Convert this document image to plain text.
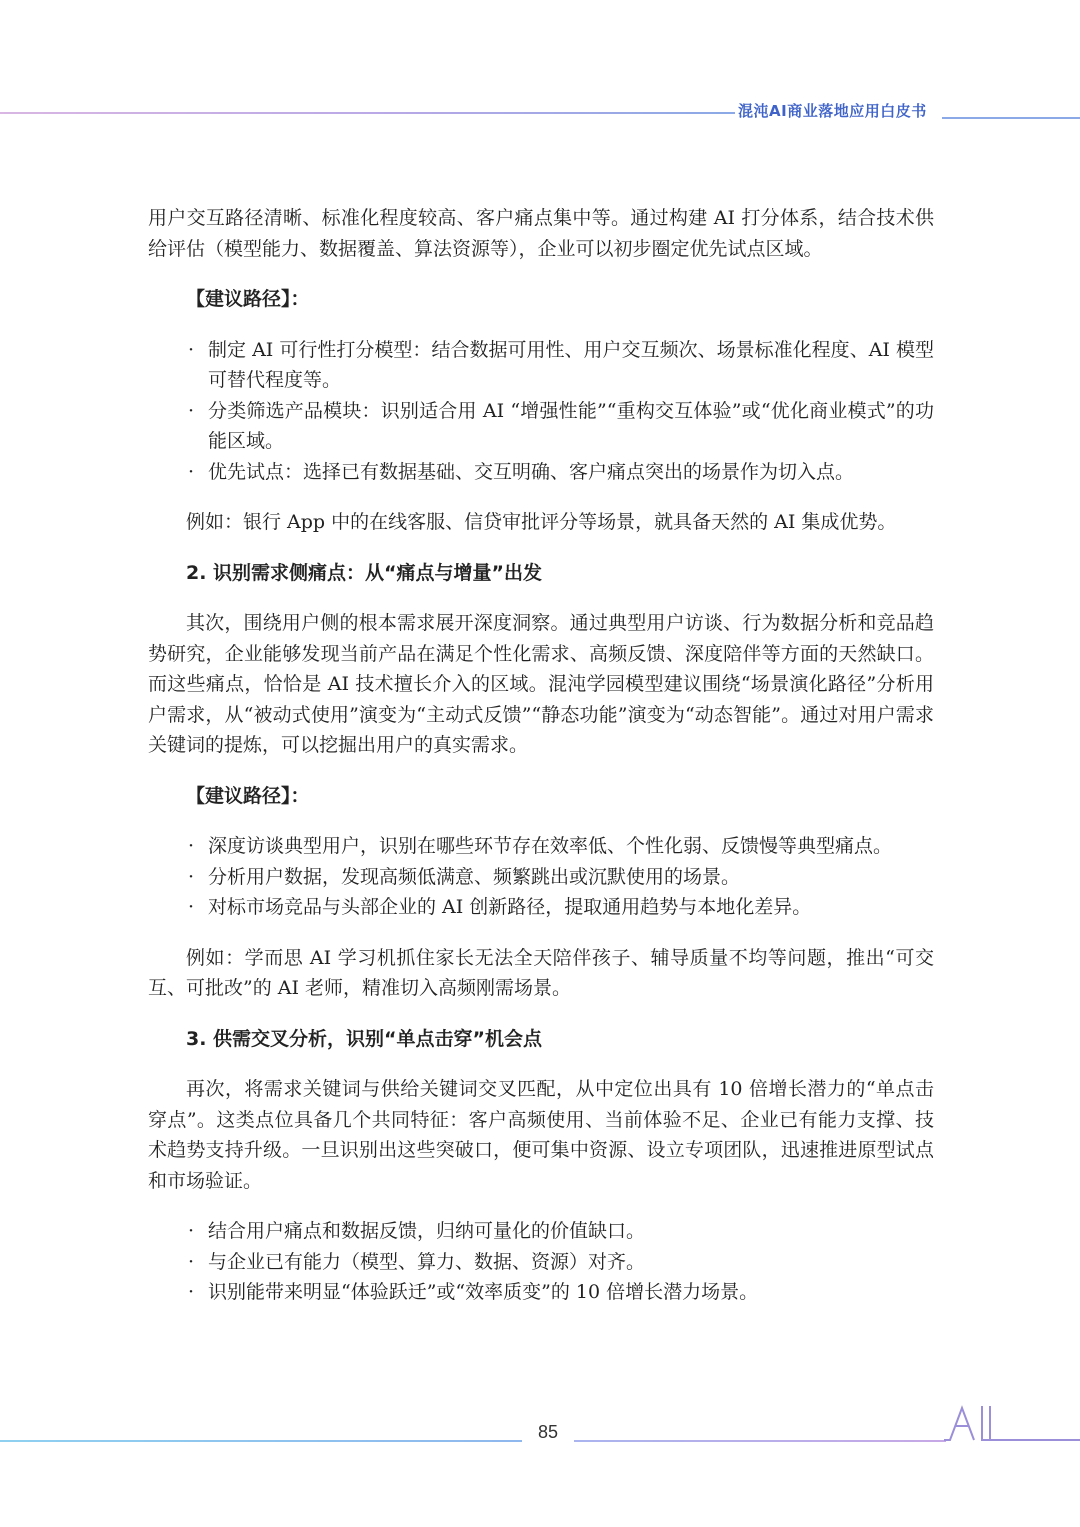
混沌AI商业落地应用白皮书

用户交互路径清晰、标准化程度较高、客户痛点集中等。通过构建 AI 打分体系，结合技术供给评估（模型能力、数据覆盖、算法资源等），企业可以初步圈定优先试点区域。

【建议路径】：

· 制定 AI 可行性打分模型：结合数据可用性、用户交互频次、场景标准化程度、AI 模型可替代程度等。
· 分类筛选产品模块：识别适合用 AI “增强性能”“重构交互体验”或“优化商业模式”的功能区域。
· 优先试点：选择已有数据基础、交互明确、客户痛点突出的场景作为切入点。

例如：银行 App 中的在线客服、信贷审批评分等场景，就具备天然的 AI 集成优势。

2. 识别需求侧痛点：从“痛点与增量”出发

其次，围绕用户侧的根本需求展开深度洞察。通过典型用户访谈、行为数据分析和竞品趋势研究，企业能够发现当前产品在满足个性化需求、高频反馈、深度陪伴等方面的天然缺口。而这些痛点，恰恰是 AI 技术擅长介入的区域。混沌学园模型建议围绕“场景演化路径”分析用户需求，从“被动式使用”演变为“主动式反馈”“静态功能”演变为“动态智能”。通过对用户需求关键词的提炼，可以挖掘出用户的真实需求。

【建议路径】：

· 深度访谈典型用户，识别在哪些环节存在效率低、个性化弱、反馈慢等典型痛点。
· 分析用户数据，发现高频低满意、频繁跳出或沉默使用的场景。
· 对标市场竞品与头部企业的 AI 创新路径，提取通用趋势与本地化差异。

例如：学而思 AI 学习机抓住家长无法全天陪伴孩子、辅导质量不均等问题，推出“可交互、可批改”的 AI 老师，精准切入高频刚需场景。

3. 供需交叉分析，识别“单点击穿”机会点

再次，将需求关键词与供给关键词交叉匹配，从中定位出具有 10 倍增长潜力的“单点击穿点”。这类点位具备几个共同特征：客户高频使用、当前体验不足、企业已有能力支撑、技术趋势支持升级。一旦识别出这些突破口，便可集中资源、设立专项团队，迅速推进原型试点和市场验证。

· 结合用户痛点和数据反馈，归纳可量化的价值缺口。
· 与企业已有能力（模型、算力、数据、资源）对齐。
· 识别能带来明显“体验跃迁”或“效率质变”的 10 倍增长潜力场景。
85
